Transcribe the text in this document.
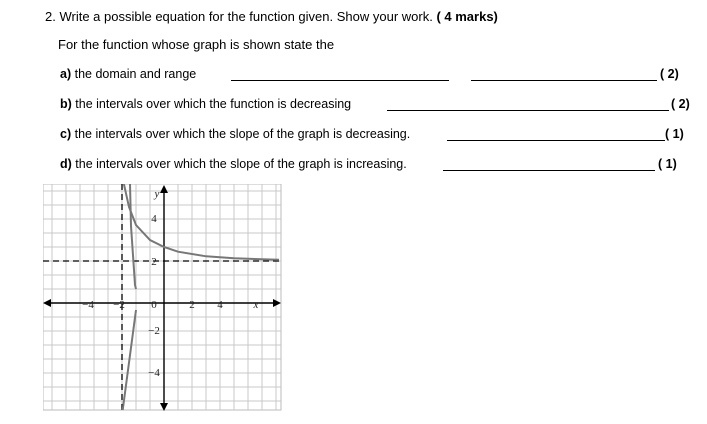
2. Write a possible equation for the function given. Show your work. ( 4 marks)
For the function whose graph is shown state the
a) the domain and range	( 2)
b) the intervals over which the function is decreasing	( 2)
c) the intervals over which the slope of the graph is decreasing.	( 1)
d) the intervals over which the slope of the graph is increasing.	( 1)
−4 −2 0	2 4	x
y
4
2
−2
−4
